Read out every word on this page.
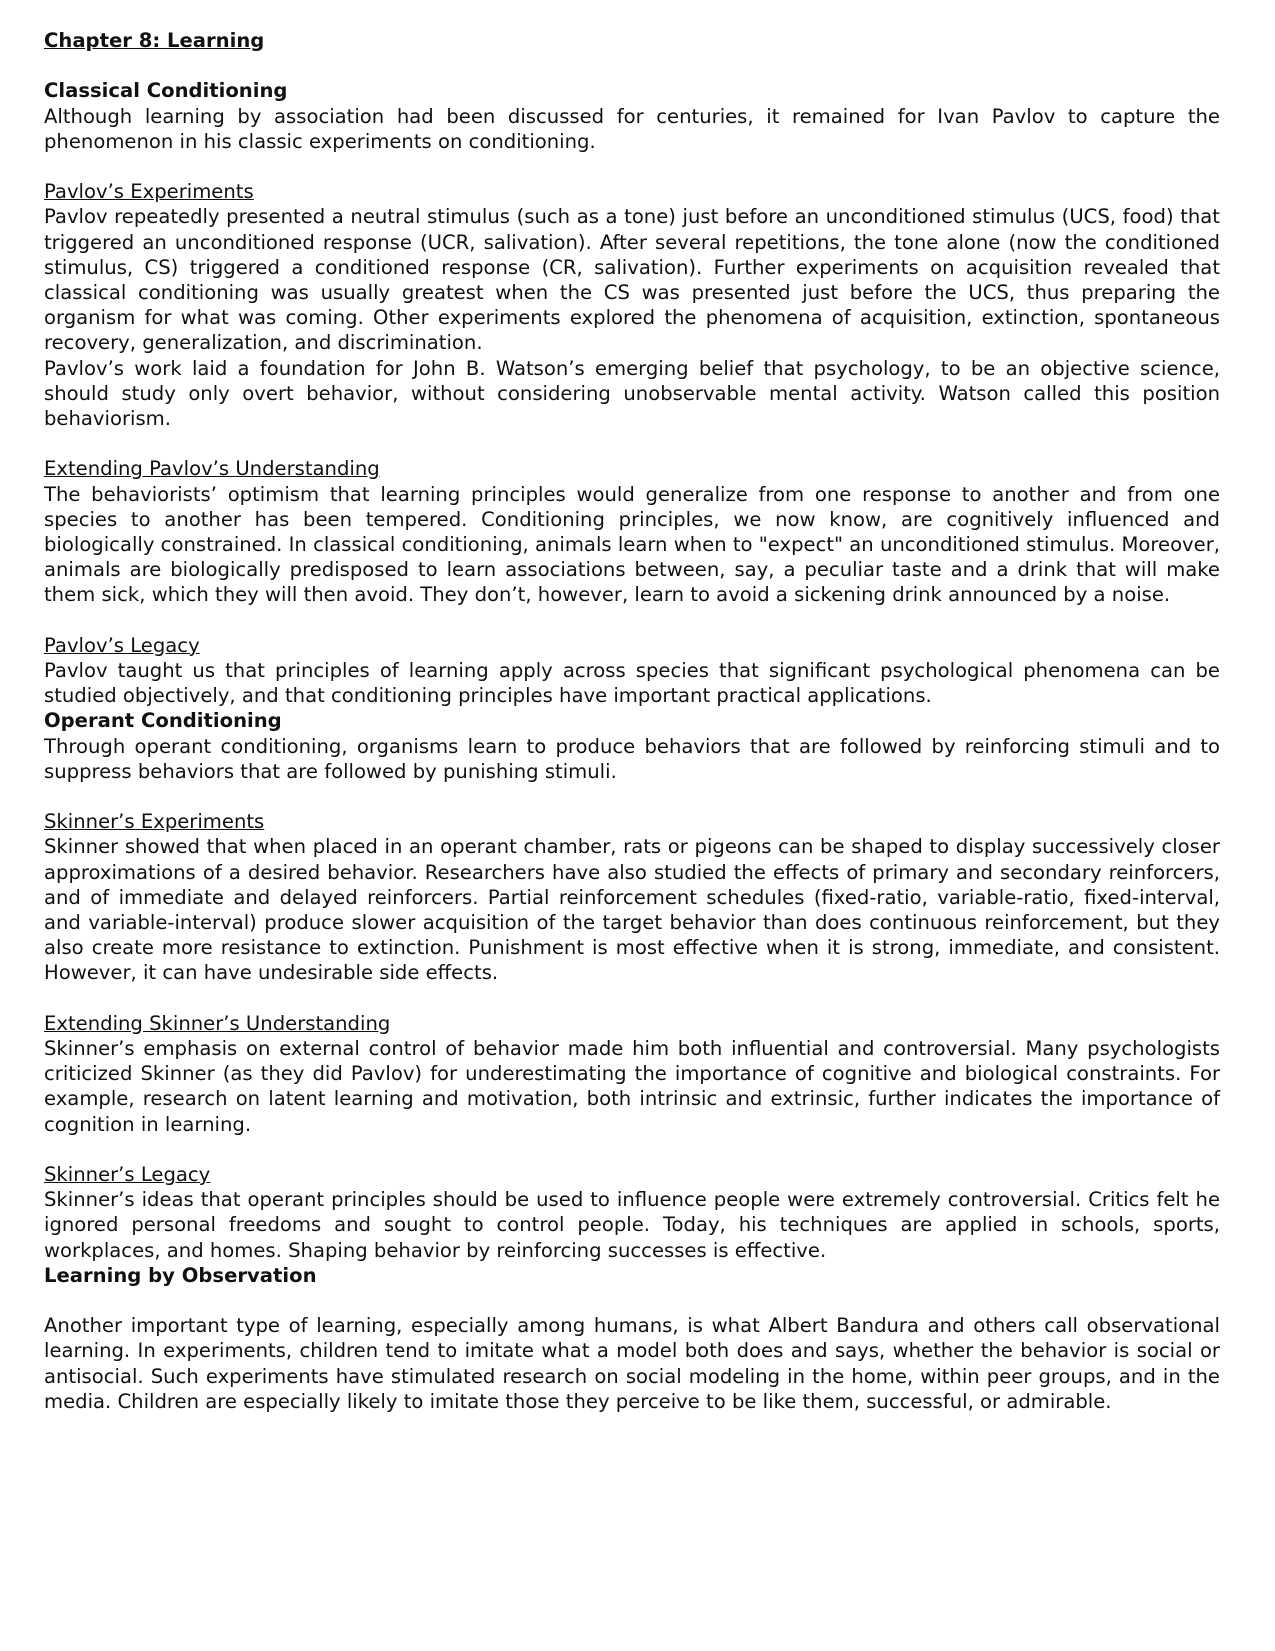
Chapter 8: Learning
Classical Conditioning
Although learning by association had been discussed for centuries, it remained for Ivan Pavlov to capture the phenomenon in his classic experiments on conditioning.
Pavlov’s Experiments
Pavlov repeatedly presented a neutral stimulus (such as a tone) just before an unconditioned stimulus (UCS, food) that triggered an unconditioned response (UCR, salivation). After several repetitions, the tone alone (now the conditioned stimulus, CS) triggered a conditioned response (CR, salivation). Further experiments on acquisition revealed that classical conditioning was usually greatest when the CS was presented just before the UCS, thus preparing the organism for what was coming. Other experiments explored the phenomena of acquisition, extinction, spontaneous recovery, generalization, and discrimination.
Pavlov’s work laid a foundation for John B. Watson’s emerging belief that psychology, to be an objective science, should study only overt behavior, without considering unobservable mental activity. Watson called this position behaviorism.
Extending Pavlov’s Understanding
The behaviorists’ optimism that learning principles would generalize from one response to another and from one species to another has been tempered. Conditioning principles, we now know, are cognitively influenced and biologically constrained. In classical conditioning, animals learn when to "expect" an unconditioned stimulus. Moreover, animals are biologically predisposed to learn associations between, say, a peculiar taste and a drink that will make them sick, which they will then avoid. They don’t, however, learn to avoid a sickening drink announced by a noise.
Pavlov’s Legacy
Pavlov taught us that principles of learning apply across species that significant psychological phenomena can be studied objectively, and that conditioning principles have important practical applications.
Operant Conditioning
Through operant conditioning, organisms learn to produce behaviors that are followed by reinforcing stimuli and to suppress behaviors that are followed by punishing stimuli.
Skinner’s Experiments
Skinner showed that when placed in an operant chamber, rats or pigeons can be shaped to display successively closer approximations of a desired behavior. Researchers have also studied the effects of primary and secondary reinforcers, and of immediate and delayed reinforcers. Partial reinforcement schedules (fixed-ratio, variable-ratio, fixed-interval, and variable-interval) produce slower acquisition of the target behavior than does continuous reinforcement, but they also create more resistance to extinction. Punishment is most effective when it is strong, immediate, and consistent. However, it can have undesirable side effects.
Extending Skinner’s Understanding
Skinner’s emphasis on external control of behavior made him both influential and controversial. Many psychologists criticized Skinner (as they did Pavlov) for underestimating the importance of cognitive and biological constraints. For example, research on latent learning and motivation, both intrinsic and extrinsic, further indicates the importance of cognition in learning.
Skinner’s Legacy
Skinner’s ideas that operant principles should be used to influence people were extremely controversial. Critics felt he ignored personal freedoms and sought to control people. Today, his techniques are applied in schools, sports, workplaces, and homes. Shaping behavior by reinforcing successes is effective.
Learning by Observation
Another important type of learning, especially among humans, is what Albert Bandura and others call observational learning. In experiments, children tend to imitate what a model both does and says, whether the behavior is social or antisocial. Such experiments have stimulated research on social modeling in the home, within peer groups, and in the media. Children are especially likely to imitate those they perceive to be like them, successful, or admirable.
